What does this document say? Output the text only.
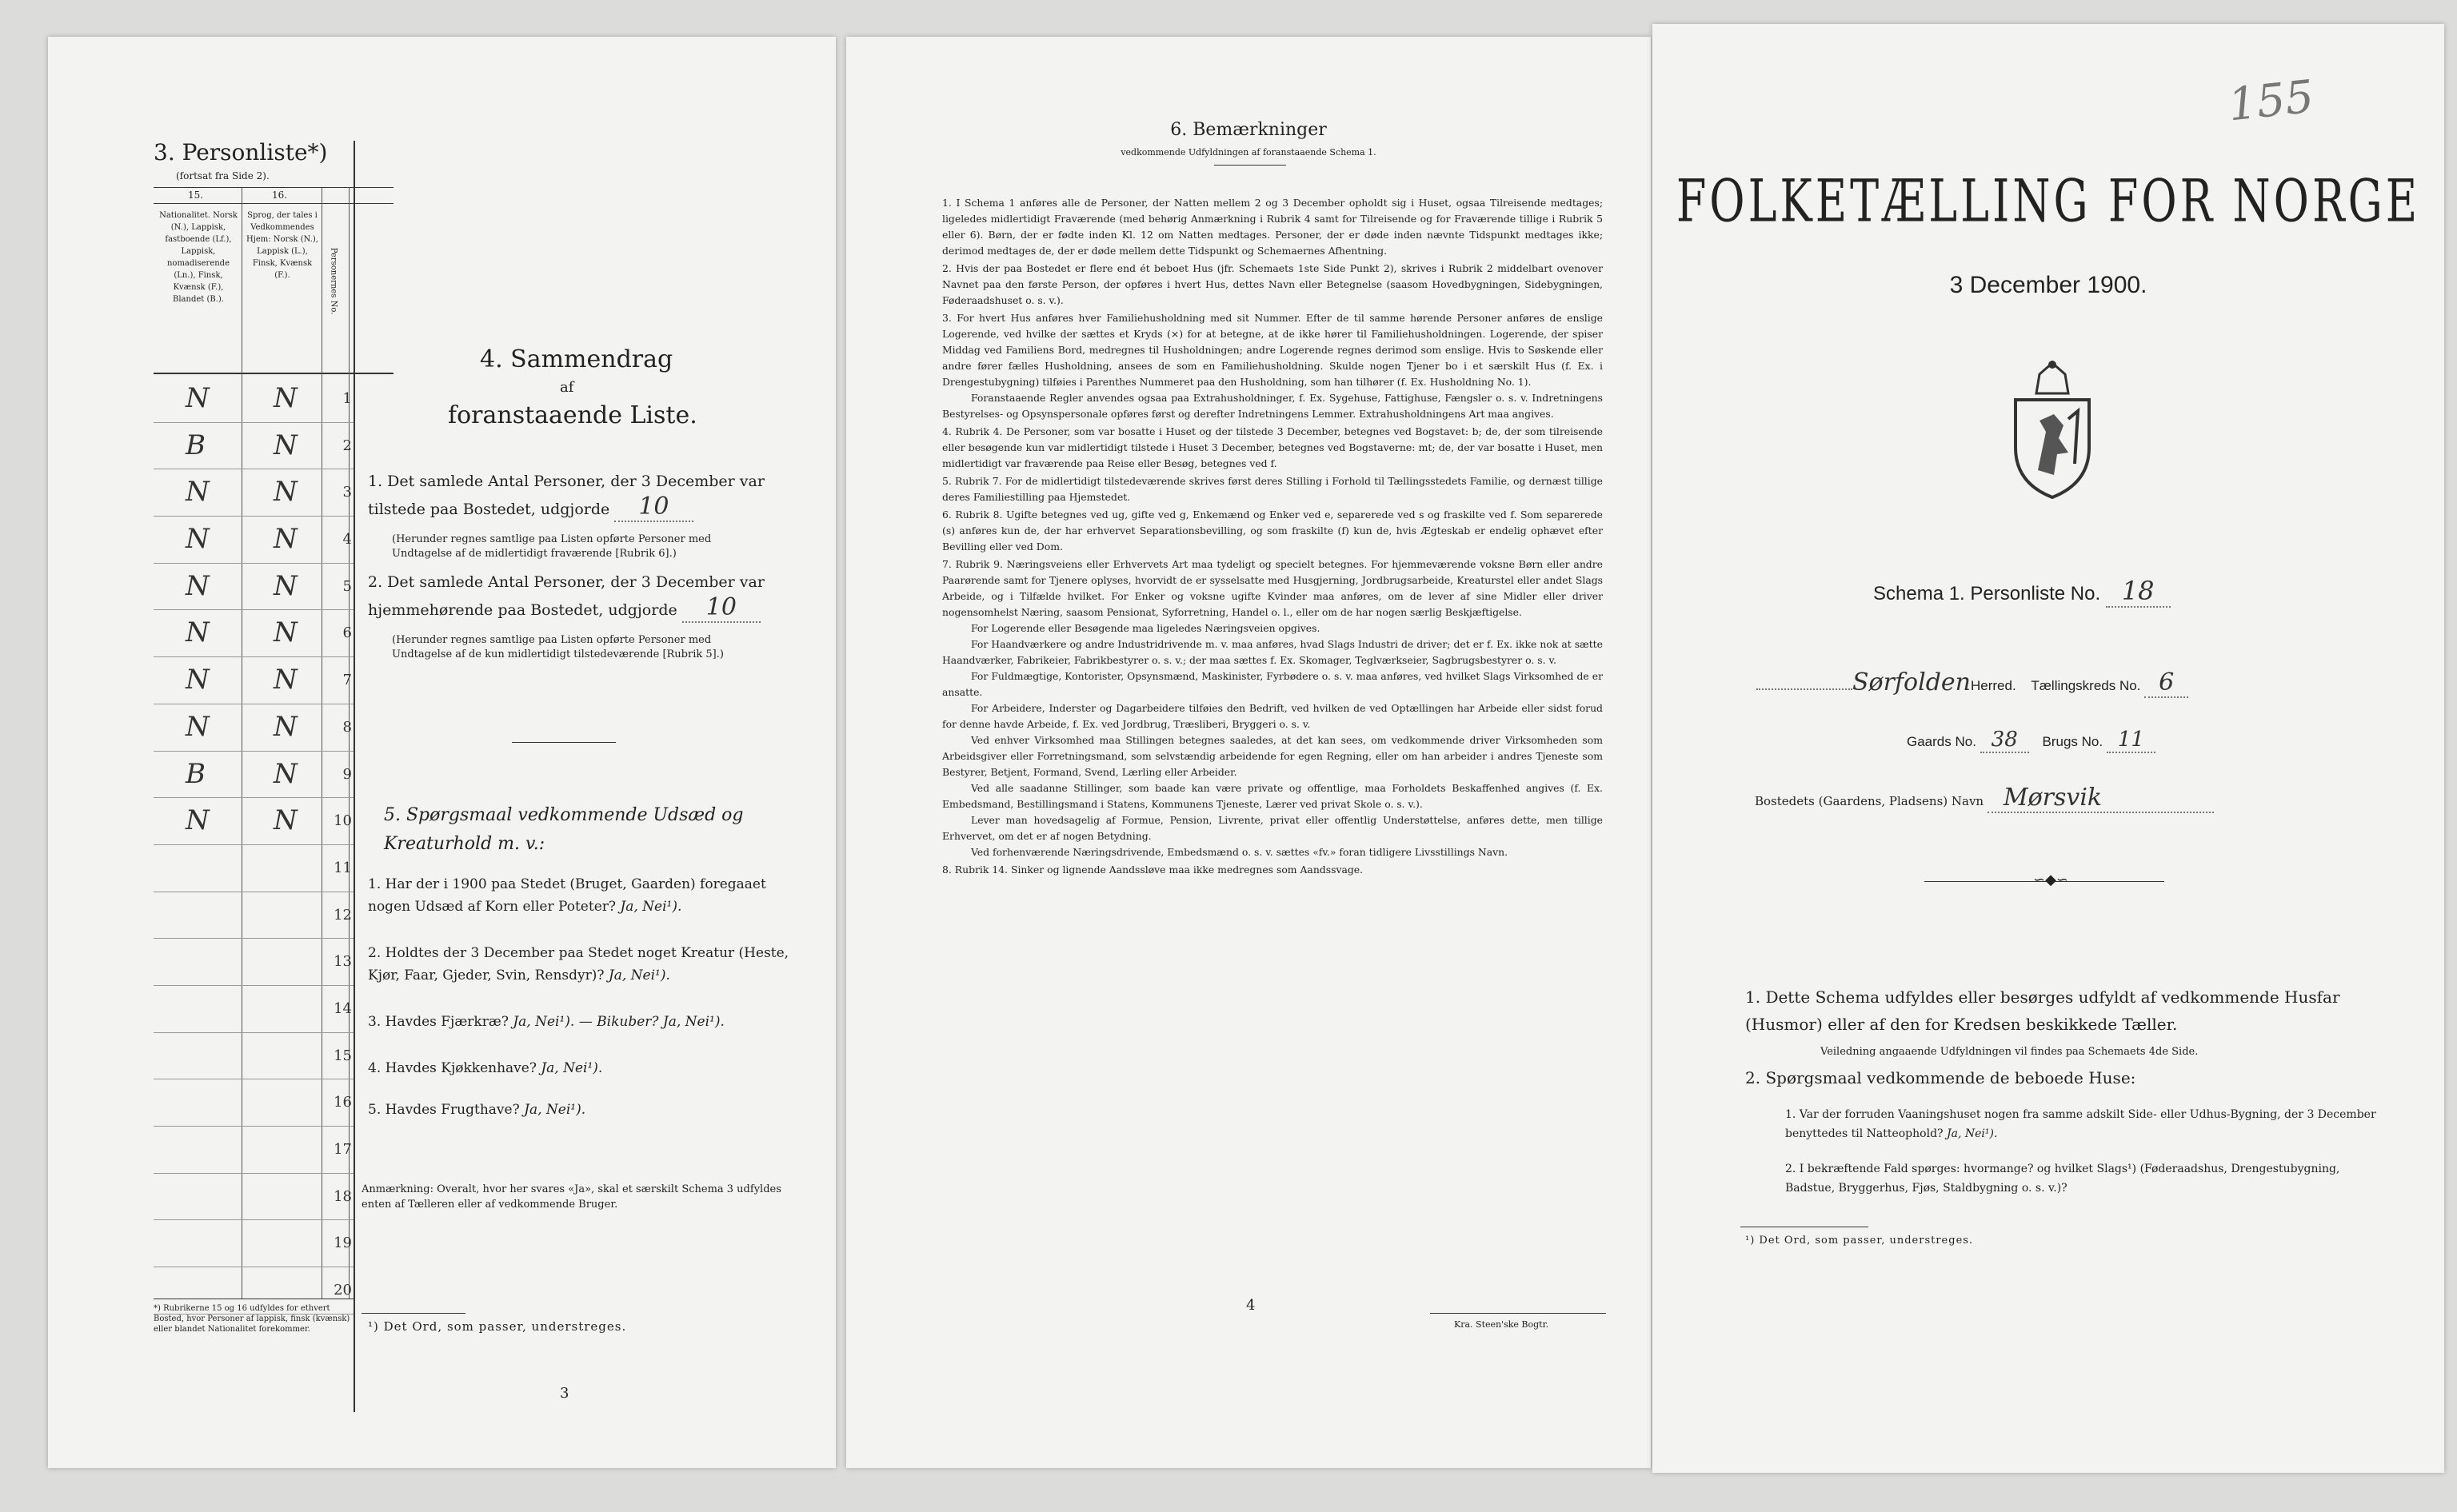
3. Personliste*)
(fortsat fra Side 2).
15.	16.
Nationalitet. Norsk (N.), Lappisk, fastboende (Lf.), Lappisk, nomadiserende (Ln.), Finsk, Kvænsk (F.), Blandet (B.).
Sprog, der tales i Vedkommendes Hjem: Norsk (N.), Lappisk (L.), Finsk, Kvænsk (F.).	Personernes No.
N N	1
B	N	2
N N	3
N N	4
N N	5
N N	6
N N	7
N N	8
B	N	9
N N	10
11
12
13
14
15
16
17
18
19
20
*) Rubrikerne 15 og 16 udfyldes for ethvert Bosted, hvor Personer af lappisk, finsk (kvænsk) eller blandet Nationalitet forekommer.
4. Sammendrag
af
foranstaaende Liste.
1. Det samlede Antal Personer, der 3 December var tilstede paa Bostedet, udgjorde 10
(Herunder regnes samtlige paa Listen opførte Personer med Undtagelse af de midlertidigt fraværende [Rubrik 6].)
2. Det samlede Antal Personer, der 3 December var hjemmehørende paa Bostedet, udgjorde 10
(Herunder regnes samtlige paa Listen opførte Personer med Undtagelse af de kun midlertidigt tilstedeværende [Rubrik 5].)
5. Spørgsmaal vedkommende Udsæd og Kreaturhold m. v.:
1. Har der i 1900 paa Stedet (Bruget, Gaarden) foregaaet nogen Udsæd af Korn eller Poteter? Ja, Nei¹).
2. Holdtes der 3 December paa Stedet noget Kreatur (Heste, Kjør, Faar, Gjeder, Svin, Rensdyr)? Ja, Nei¹).
3. Havdes Fjærkræ? Ja, Nei¹). — Bikuber? Ja, Nei¹).
4. Havdes Kjøkkenhave? Ja, Nei¹).
5. Havdes Frugthave? Ja, Nei¹).
Anmærkning: Overalt, hvor her svares «Ja», skal et særskilt Schema 3 udfyldes enten af Tælleren eller af vedkommende Bruger.
¹) Det Ord, som passer, understreges.
3
6. Bemærkninger
vedkommende Udfyldningen af foranstaaende Schema 1.
1. I Schema 1 anføres alle de Personer, der Natten mellem 2 og 3 December opholdt sig i Huset, ogsaa Tilreisende medtages; ligeledes midlertidigt Fraværende (med behørig Anmærkning i Rubrik 4 samt for Tilreisende og for Fraværende tillige i Rubrik 5 eller 6). Børn, der er fødte inden Kl. 12 om Natten medtages. Personer, der er døde inden nævnte Tidspunkt medtages ikke; derimod medtages de, der er døde mellem dette Tidspunkt og Schemaernes Afhentning.
2. Hvis der paa Bostedet er flere end ét beboet Hus (jfr. Schemaets 1ste Side Punkt 2), skrives i Rubrik 2 middelbart ovenover Navnet paa den første Person, der opføres i hvert Hus, dettes Navn eller Betegnelse (saasom Hovedbygningen, Sidebygningen, Føderaadshuset o. s. v.).
3. For hvert Hus anføres hver Familiehusholdning med sit Nummer. Efter de til samme hørende Personer anføres de enslige Logerende, ved hvilke der sættes et Kryds (×) for at betegne, at de ikke hører til Familiehusholdningen. Logerende, der spiser Middag ved Familiens Bord, medregnes til Husholdningen; andre Logerende regnes derimod som enslige. Hvis to Søskende eller andre fører fælles Husholdning, ansees de som en Familiehusholdning. Skulde nogen Tjener bo i et særskilt Hus (f. Ex. i Drengestubygning) tilføies i Parenthes Nummeret paa den Husholdning, som han tilhører (f. Ex. Husholdning No. 1).
Foranstaaende Regler anvendes ogsaa paa Extrahusholdninger, f. Ex. Sygehuse, Fattighuse, Fængsler o. s. v. Indretningens Bestyrelses- og Opsynspersonale opføres først og derefter Indretningens Lemmer. Extrahusholdningens Art maa angives.
4. Rubrik 4. De Personer, som var bosatte i Huset og der tilstede 3 December, betegnes ved Bogstavet: b; de, der som tilreisende eller besøgende kun var midlertidigt tilstede i Huset 3 December, betegnes ved Bogstaverne: mt; de, der var bosatte i Huset, men midlertidigt var fraværende paa Reise eller Besøg, betegnes ved f.
5. Rubrik 7. For de midlertidigt tilstedeværende skrives først deres Stilling i Forhold til Tællingsstedets Familie, og dernæst tillige deres Familiestilling paa Hjemstedet.
6. Rubrik 8. Ugifte betegnes ved ug, gifte ved g, Enkemænd og Enker ved e, separerede ved s og fraskilte ved f. Som separerede (s) anføres kun de, der har erhvervet Separationsbevilling, og som fraskilte (f) kun de, hvis Ægteskab er endelig ophævet efter Bevilling eller ved Dom.
7. Rubrik 9. Næringsveiens eller Erhvervets Art maa tydeligt og specielt betegnes. For hjemmeværende voksne Børn eller andre Paarørende samt for Tjenere oplyses, hvorvidt de er sysselsatte med Husgjerning, Jordbrugsarbeide, Kreaturstel eller andet Slags Arbeide, og i Tilfælde hvilket. For Enker og voksne ugifte Kvinder maa anføres, om de lever af sine Midler eller driver nogensomhelst Næring, saasom Pensionat, Syforretning, Handel o. l., eller om de har nogen særlig Beskjæftigelse.
For Logerende eller Besøgende maa ligeledes Næringsveien opgives.
For Haandværkere og andre Industridrivende m. v. maa anføres, hvad Slags Industri de driver; det er f. Ex. ikke nok at sætte Haandværker, Fabrikeier, Fabrikbestyrer o. s. v.; der maa sættes f. Ex. Skomager, Teglværkseier, Sagbrugsbestyrer o. s. v.
For Fuldmægtige, Kontorister, Opsynsmænd, Maskinister, Fyrbødere o. s. v. maa anføres, ved hvilket Slags Virksomhed de er ansatte.
For Arbeidere, Inderster og Dagarbeidere tilføies den Bedrift, ved hvilken de ved Optællingen har Arbeide eller sidst forud for denne havde Arbeide, f. Ex. ved Jordbrug, Træsliberi, Bryggeri o. s. v.
Ved enhver Virksomhed maa Stillingen betegnes saaledes, at det kan sees, om vedkommende driver Virksomheden som Arbeidsgiver eller Forretningsmand, som selvstændig arbeidende for egen Regning, eller om han arbeider i andres Tjeneste som Bestyrer, Betjent, Formand, Svend, Lærling eller Arbeider.
Ved alle saadanne Stillinger, som baade kan være private og offentlige, maa Forholdets Beskaffenhed angives (f. Ex. Embedsmand, Bestillingsmand i Statens, Kommunens Tjeneste, Lærer ved privat Skole o. s. v.).
Lever man hovedsagelig af Formue, Pension, Livrente, privat eller offentlig Understøttelse, anføres dette, men tillige Erhvervet, om det er af nogen Betydning.
Ved forhenværende Næringsdrivende, Embedsmænd o. s. v. sættes «fv.» foran tidligere Livsstillings Navn.
8. Rubrik 14. Sinker og lignende Aandssløve maa ikke medregnes som Aandssvage.
4
Kra. Steen'ske Bogtr.
155
FOLKETÆLLING FOR NORGE
3 December 1900.
Schema 1. Personliste No. 18
SørfoldenHerred. Tællingskreds No. 6
Gaards No. 38 Brugs No. 11
Bostedets (Gaardens, Pladsens) Navn Mørsvik
∽◆∽
1. Dette Schema udfyldes eller besørges udfyldt af vedkommende Husfar (Husmor) eller af den for Kredsen beskikkede Tæller.
Veiledning angaaende Udfyldningen vil findes paa Schemaets 4de Side.
2. Spørgsmaal vedkommende de beboede Huse:
1. Var der forruden Vaaningshuset nogen fra samme adskilt Side- eller Udhus-Bygning, der 3 December benyttedes til Natteophold? Ja, Nei¹).
2. I bekræftende Fald spørges: hvormange? og hvilket Slags¹) (Føderaadshus, Drengestubygning, Badstue, Bryggerhus, Fjøs, Staldbygning o. s. v.)?
¹) Det Ord, som passer, understreges.
